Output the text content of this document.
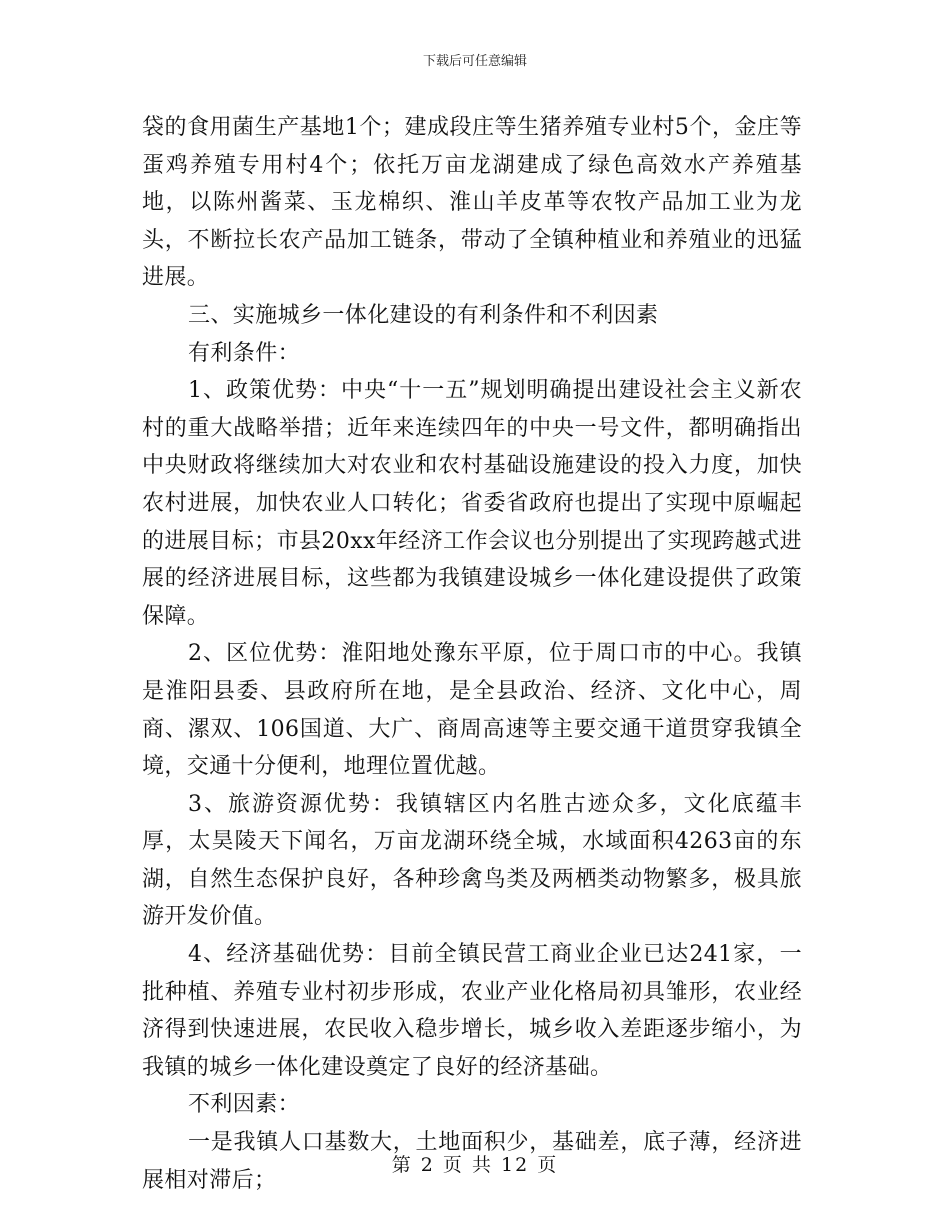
下载后可任意编辑

袋的食用菌生产基地1个；建成段庄等生猪养殖专业村5个，金庄等蛋鸡养殖专用村4个；依托万亩龙湖建成了绿色高效水产养殖基地，以陈州酱菜、玉龙棉织、淮山羊皮革等农牧产品加工业为龙头，不断拉长农产品加工链条，带动了全镇种植业和养殖业的迅猛进展。

三、实施城乡一体化建设的有利条件和不利因素

有利条件：

1、政策优势：中央“十一五”规划明确提出建设社会主义新农村的重大战略举措；近年来连续四年的中央一号文件，都明确指出中央财政将继续加大对农业和农村基础设施建设的投入力度，加快农村进展，加快农业人口转化；省委省政府也提出了实现中原崛起的进展目标；市县20xx年经济工作会议也分别提出了实现跨越式进展的经济进展目标，这些都为我镇建设城乡一体化建设提供了政策保障。

2、区位优势：淮阳地处豫东平原，位于周口市的中心。我镇是淮阳县委、县政府所在地，是全县政治、经济、文化中心，周商、漯双、106国道、大广、商周高速等主要交通干道贯穿我镇全境，交通十分便利，地理位置优越。

3、旅游资源优势：我镇辖区内名胜古迹众多，文化底蕴丰厚，太昊陵天下闻名，万亩龙湖环绕全城，水域面积4263亩的东湖，自然生态保护良好，各种珍禽鸟类及两栖类动物繁多，极具旅游开发价值。

4、经济基础优势：目前全镇民营工商业企业已达241家，一批种植、养殖专业村初步形成，农业产业化格局初具雏形，农业经济得到快速进展，农民收入稳步增长，城乡收入差距逐步缩小，为我镇的城乡一体化建设奠定了良好的经济基础。

不利因素：

一是我镇人口基数大，土地面积少，基础差，底子薄，经济进展相对滞后；

第 2 页 共 12 页
